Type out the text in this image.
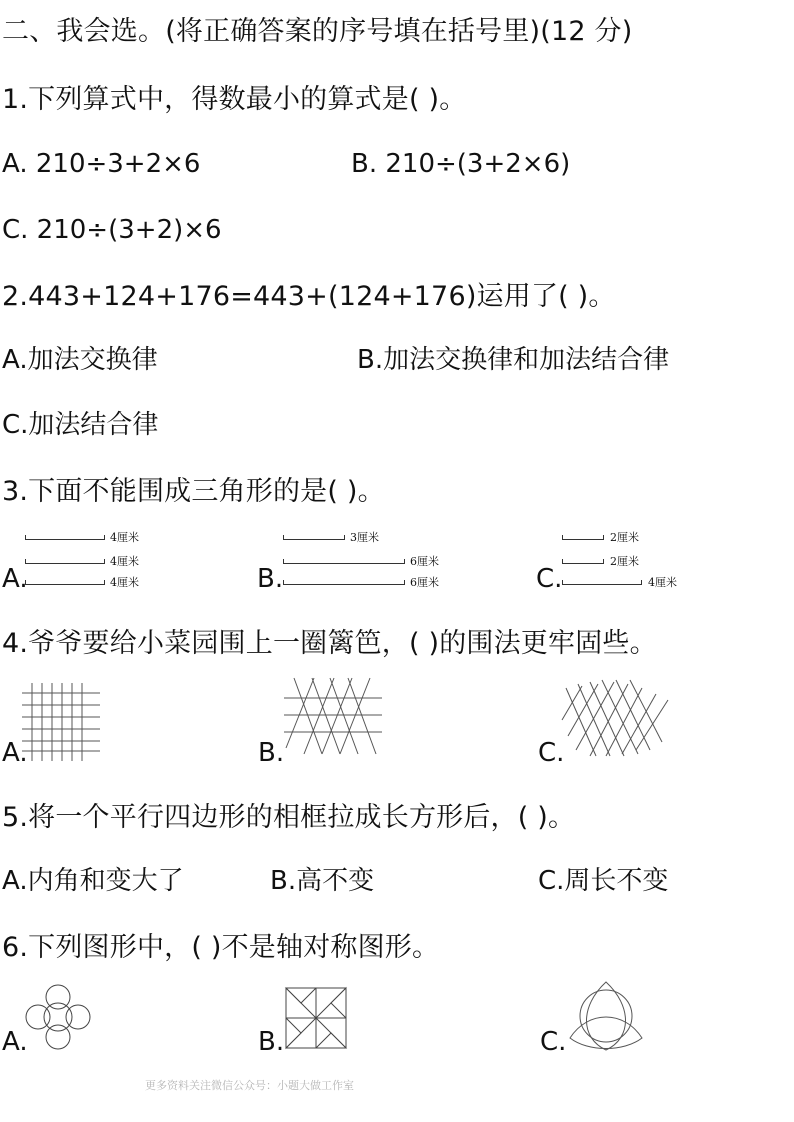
二、我会选。(将正确答案的序号填在括号里)(12 分)
1.下列算式中，得数最小的算式是( )。
A. 210÷3+2×6	B. 210÷(3+2×6)
C. 210÷(3+2)×6
2.443+124+176=443+(124+176)运用了( )。
A.加法交换律	B.加法交换律和加法结合律
C.加法结合律
3.下面不能围成三角形的是( )。
A.
4厘米
4厘米
4厘米	B.
3厘米
6厘米
6厘米	C.
2厘米
2厘米
4厘米
4.爷爷要给小菜园围上一圈篱笆，( )的围法更牢固些。
A.	B.	C.
5.将一个平行四边形的相框拉成长方形后，( )。
A.内角和变大了	B.高不变	C.周长不变
6.下列图形中，( )不是轴对称图形。
A.	B.	C.
更多资料关注微信公众号：小题大做工作室
